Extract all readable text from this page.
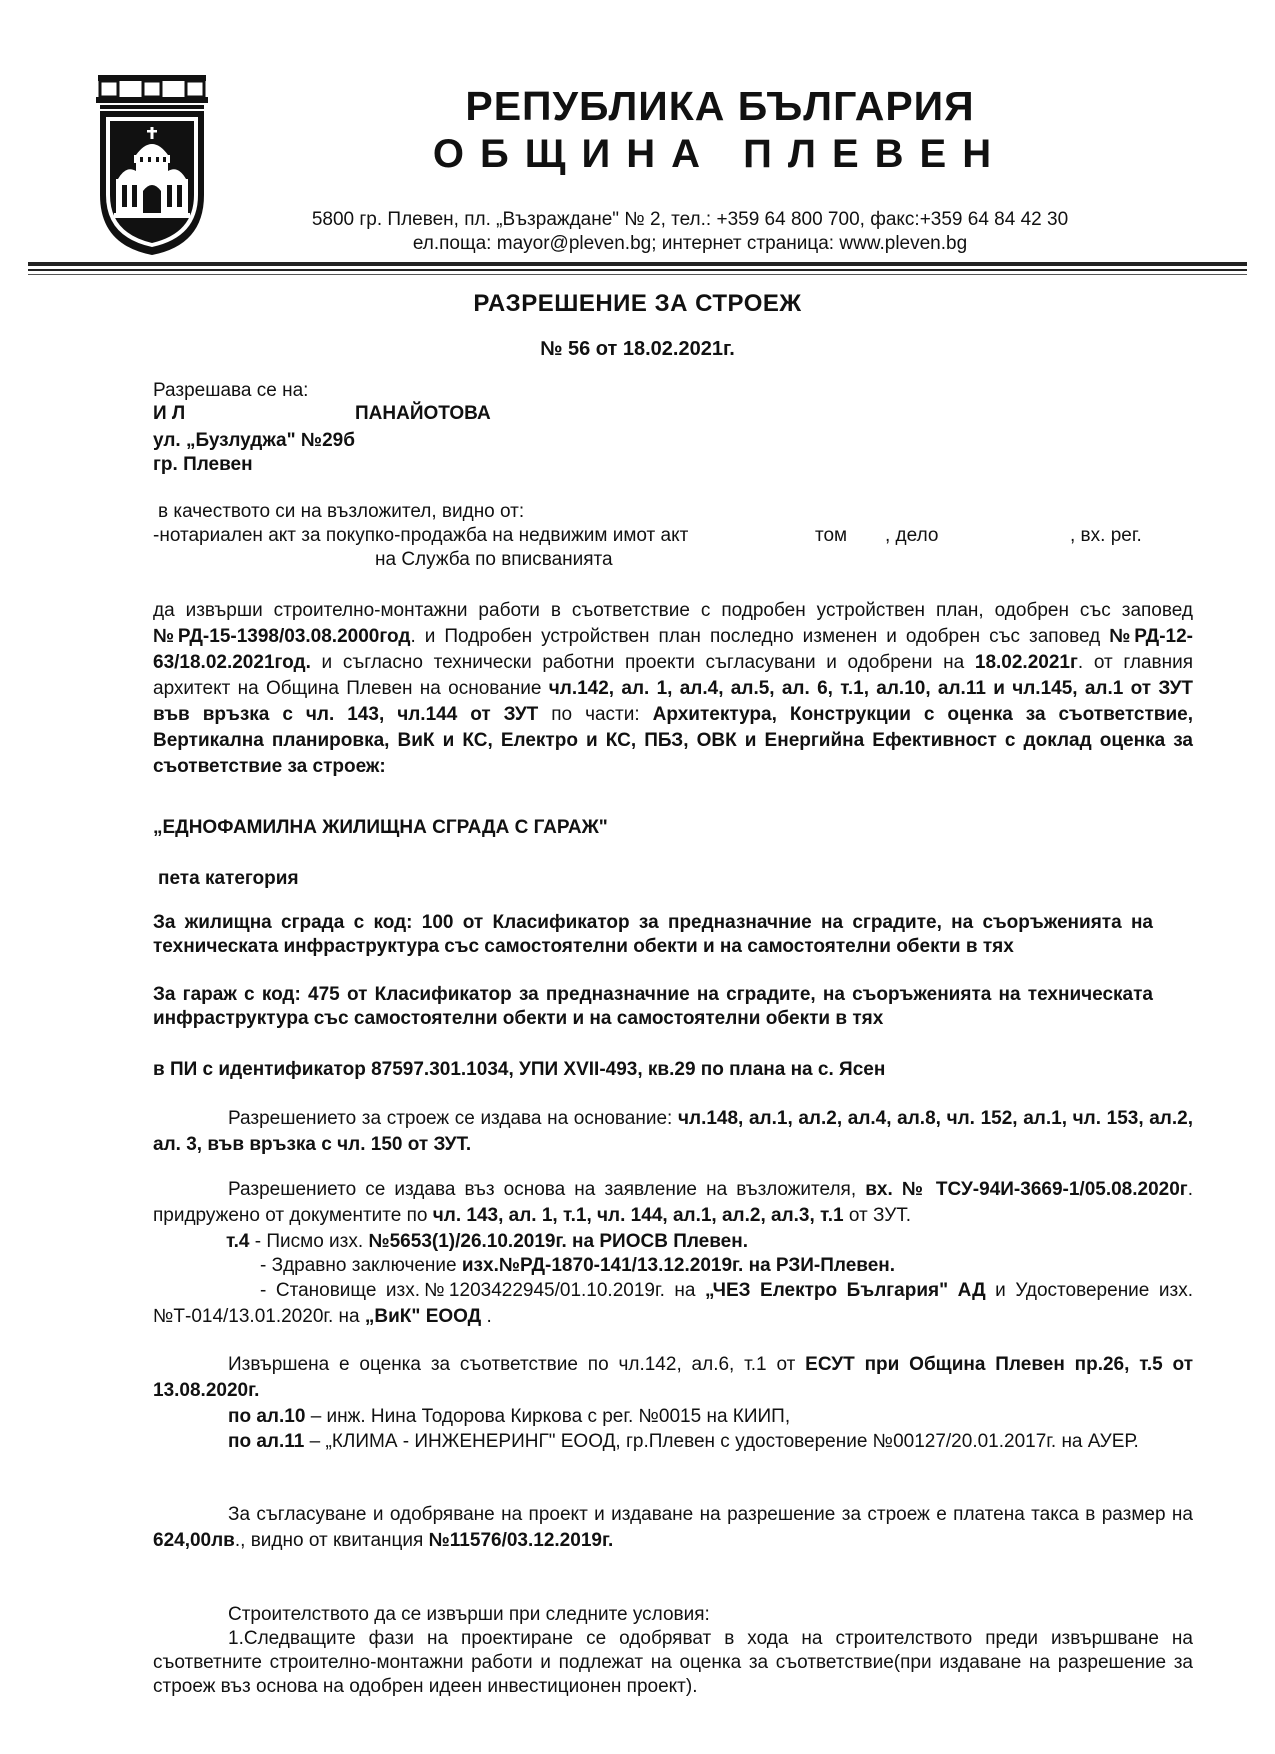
РЕПУБЛИКА БЪЛГАРИЯ
ОБЩИНА ПЛЕВЕН
5800 гр. Плевен, пл. „Възраждане" № 2, тел.: +359 64 800 700, факс:+359 64 84 42 30
ел.поща: mayor@pleven.bg; интернет страница: www.pleven.bg
РАЗРЕШЕНИЕ ЗА СТРОЕЖ
№ 56 от 18.02.2021г.
Разрешава се на:
И Л	ПАНАЙОТОВА
ул. „Бузлуджа" №29б
гр. Плевен
в качеството си на възложител, видно от:
-нотариален акт за покупко-продажба на недвижим имот акт	том , дело	, вх. рег.
на Служба по вписванията
да извърши строително-монтажни работи в съответствие с подробен устройствен план, одобрен със заповед №РД-15-1398/03.08.2000год. и Подробен устройствен план последно изменен и одобрен със заповед №РД-12-63/18.02.2021год. и съгласно технически работни проекти съгласувани и одобрени на 18.02.2021г. от главния архитект на Община Плевен на основание чл.142, ал. 1, ал.4, ал.5, ал. 6, т.1, ал.10, ал.11 и чл.145, ал.1 от ЗУТ във връзка с чл. 143, чл.144 от ЗУТ по части: Архитектура, Конструкции с оценка за съответствие, Вертикална планировка, ВиК и КС, Електро и КС, ПБЗ, ОВК и Енергийна Ефективност с доклад оценка за съответствие за строеж:
„ЕДНОФАМИЛНА ЖИЛИЩНА СГРАДА С ГАРАЖ"
пета категория
За жилищна сграда с код: 100 от Класификатор за предназначние на сградите, на съоръженията на техническата инфраструктура със самостоятелни обекти и на самостоятелни обекти в тях
За гараж с код: 475 от Класификатор за предназначние на сградите, на съоръженията на техническата инфраструктура със самостоятелни обекти и на самостоятелни обекти в тях
в ПИ с идентификатор 87597.301.1034, УПИ XVII-493, кв.29 по плана на с. Ясен
Разрешението за строеж се издава на основание: чл.148, ал.1, ал.2, ал.4, ал.8, чл. 152, ал.1, чл. 153, ал.2, ал. 3, във връзка с чл. 150 от ЗУТ.
Разрешението се издава въз основа на заявление на възложителя, вх. № ТСУ-94И-3669-1/05.08.2020г. придружено от документите по чл. 143, ал. 1, т.1, чл. 144, ал.1, ал.2, ал.3, т.1 от ЗУТ.
т.4 - Писмо изх. №5653(1)/26.10.2019г. на РИОСВ Плевен.
- Здравно заключение изх.№РД-1870-141/13.12.2019г. на РЗИ-Плевен.
- Становище изх.№1203422945/01.10.2019г. на „ЧЕЗ Електро България" АД и Удостоверение изх.№Т-014/13.01.2020г. на „ВиК" ЕООД .
Извършена е оценка за съответствие по чл.142, ал.6, т.1 от ЕСУТ при Община Плевен пр.26, т.5 от 13.08.2020г.
по ал.10 – инж. Нина Тодорова Киркова с рег. №0015 на КИИП,
по ал.11 – „КЛИМА - ИНЖЕНЕРИНГ" ЕООД, гр.Плевен с удостоверение №00127/20.01.2017г. на АУЕР.
За съгласуване и одобряване на проект и издаване на разрешение за строеж е платена такса в размер на 624,00лв., видно от квитанция №11576/03.12.2019г.
Строителството да се извърши при следните условия:
1.Следващите фази на проектиране се одобряват в хода на строителството преди извършване на съответните строително-монтажни работи и подлежат на оценка за съответствие(при издаване на разрешение за строеж въз основа на одобрен идеен инвестиционен проект).
